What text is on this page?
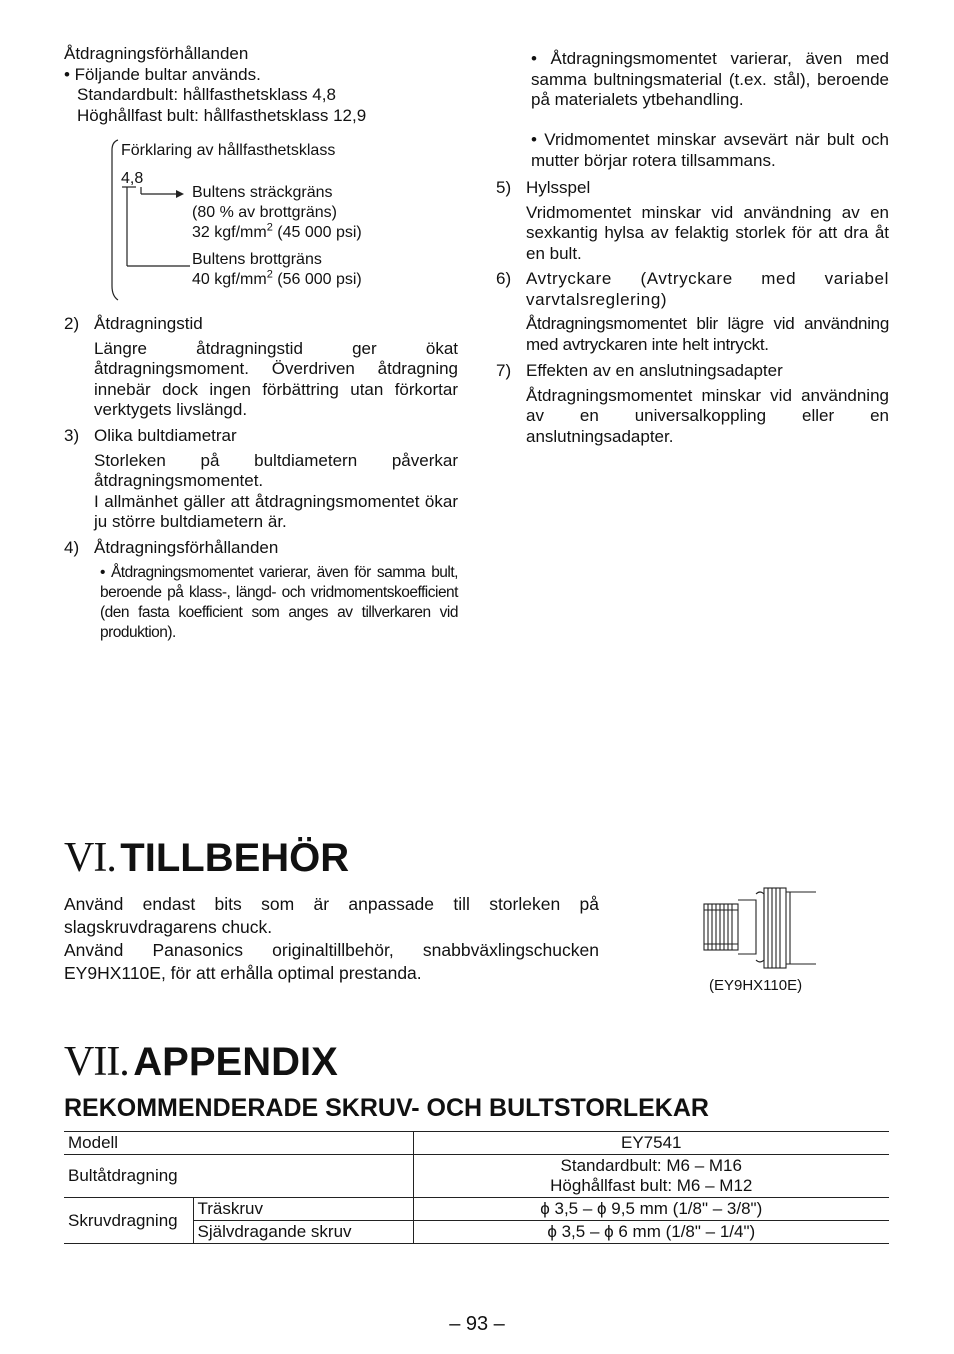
Åtdragningsförhållanden
• Följande bultar används.
Standardbult: hållfasthetsklass 4,8
Höghållfast bult: hållfasthetsklass 12,9
Förklaring av hållfasthetsklass
4,8
Bultens sträckgräns
(80 % av brottgräns)
32 kgf/$mm^2$ (45 000 psi)
Bultens brottgräns
40 kgf/$mm^2$ (56 000 psi)
2) Åtdragningstid
Längre åtdragningstid ger ökat åtdragningsmoment. Överdriven åtdragning innebär dock ingen förbättring utan förkortar verktygets livslängd.
3) Olika bultdiametrar
Storleken på bultdiametern påverkar åtdragningsmomentet.
I allmänhet gäller att åtdragningsmomentet ökar ju större bultdiametern är.
4) Åtdragningsförhållanden
• Åtdragningsmomentet varierar, även för samma bult, beroende på klass-, längd- och vridmomentskoefficient (den fasta koefficient som anges av tillverkaren vid produktion).
• Åtdragningsmomentet varierar, även med samma bultningsmaterial (t.ex. stål), beroende på materialets ytbehandling.
• Vridmomentet minskar avsevärt när bult och mutter börjar rotera tillsammans.
5) Hylsspel
Vridmomentet minskar vid användning av en sexkantig hylsa av felaktig storlek för att dra åt en bult.
6) Avtryckare (Avtryckare med variabel varvtalsreglering)
Åtdragningsmomentet blir lägre vid användning med avtryckaren inte helt intryckt.
7) Effekten av en anslutningsadapter
Åtdragningsmomentet minskar vid användning av en universalkoppling eller en anslutningsadapter.
VI. TILLBEHÖR
Använd endast bits som är anpassade till storleken på slagskruvdragarens chuck.
Använd Panasonics originaltillbehör, snabbväxlingschucken EY9HX110E, för att erhålla optimal prestanda.
(EY9HX110E)
VII. APPENDIX
REKOMMENDERADE SKRUV- OCH BULTSTORLEKAR
Modell		EY7541
Bultåtdragning		Standardbult: M6 – M16
Höghållfast bult: M6 – M12

Skruvdragning	Träskruv	ϕ 3,5 – ϕ 9,5 mm (1/8" – 3/8")
	Självdragande skruv	ϕ 3,5 – ϕ 6 mm (1/8" – 1/4")
– 93 –
